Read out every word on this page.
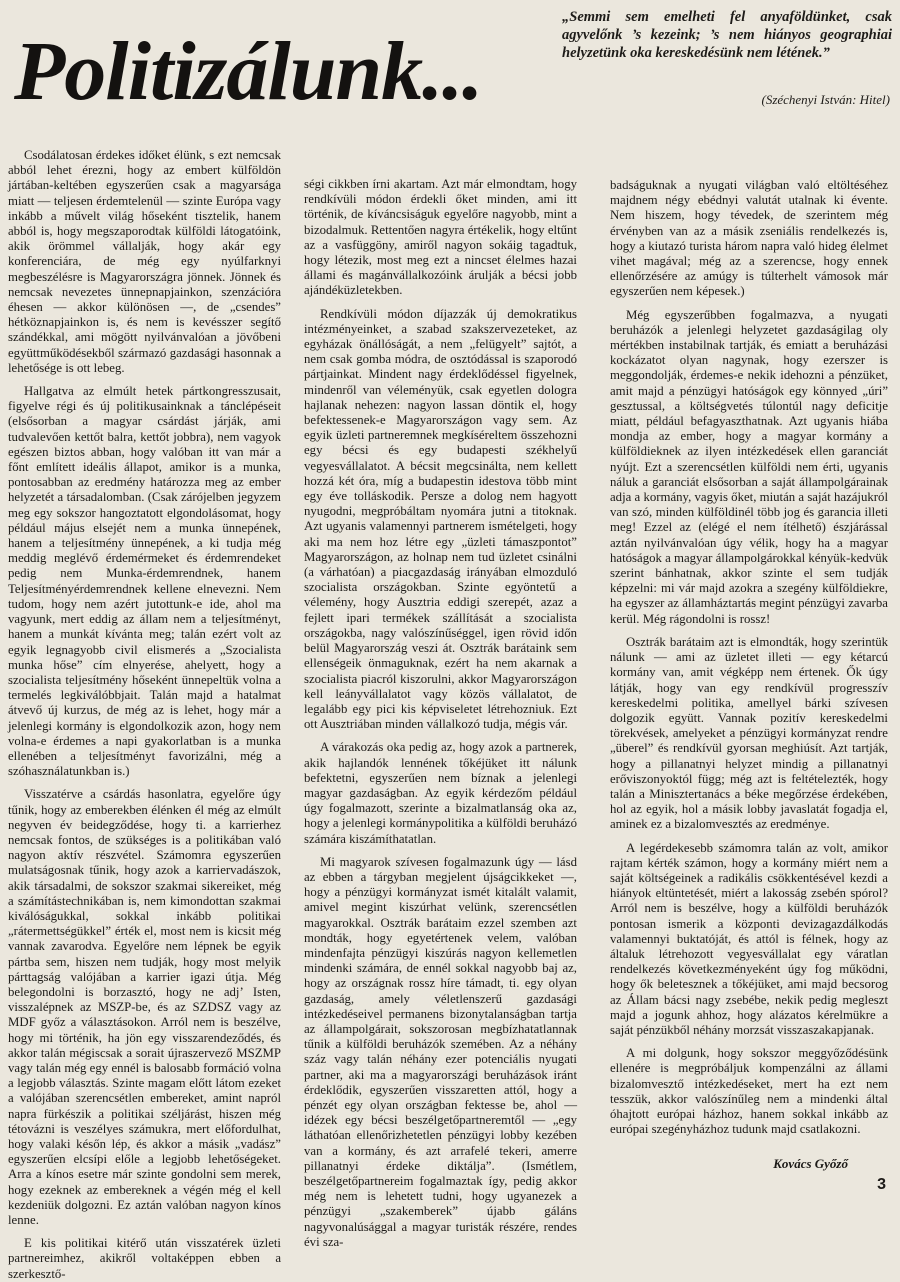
Politizálunk...

„Semmi sem emelheti fel anyaföldünket, csak agyvelőnk ’s kezeink; ’s nem hiányos geographiai helyzetünk oka kereskedésünk nem létének.”

(Széchenyi István: Hitel)

Csodálatosan érdekes időket élünk, s ezt nemcsak abból lehet érezni, hogy az embert külföldön jártában-keltében egyszerűen csak a magyarsága miatt — teljesen érdemtelenül — szinte Európa vagy inkább a művelt világ hőseként tisztelik, hanem abból is, hogy megszaporodtak külföldi látogatóink, akik örömmel vállalják, hogy akár egy konferenciára, de még egy nyúlfarknyi megbeszélésre is Magyarországra jönnek. Jönnek és nemcsak nevezetes ünnepnapjainkon, szenzációra éhesen — akkor különösen —, de „csendes” hétköznapjainkon is, és nem is kevésszer segítő szándékkal, ami mögött nyilvánvalóan a jövőbeni együttműködésekből származó gazdasági hasonnak a lehetősége is ott lebeg.

Hallgatva az elmúlt hetek pártkongresszusait, figyelve régi és új politikusainknak a tánclépéseit (elsősorban a magyar csárdást járják, ami tudvalevően kettőt balra, kettőt jobbra), nem vagyok egészen biztos abban, hogy valóban itt van már a főnt említett ideális állapot, amikor is a munka, pontosabban az eredmény határozza meg az ember helyzetét a társadalomban. (Csak zárójelben jegyzem meg egy sokszor hangoztatott elgondolásomat, hogy például május elsejét nem a munka ünnepének, hanem a teljesítmény ünnepének, a ki tudja még meddig meglévő érdemérmeket és érdemrendeket pedig nem Munka-érdemrendnek, hanem Teljesítményérdemrendnek kellene elneveznі. Nem tudom, hogy nem azért jutottunk-e ide, ahol ma vagyunk, mert eddig az állam nem a teljesítményt, hanem a munkát kívánta meg; talán ezért volt az egyik legnagyobb civil elismerés a „Szocialista munka hőse” cím elnyerése, ahelyett, hogy a szocialista teljesítmény hőseként ünnepeltük volna a termelés legkiválóbbjait. Talán majd a hatalmat átvevő új kurzus, de még az is lehet, hogy már a jelenlegi kormány is elgondolkozik azon, hogy nem volna-e érdemes a napi gyakorlatban is a munka ellenében a teljesítményt favorizálni, még a szóhasználatunkban is.)

Visszatérve a csárdás hasonlatra, egyelőre úgy tűnik, hogy az emberekben élénken él még az elmúlt negyven év beidegződése, hogy ti. a karrierhez nemcsak fontos, de szükséges is a politikában való nagyon aktív részvétel. Számomra egyszerűen mulatságosnak tűnik, hogy azok a karriervadászok, akik társadalmi, de sokszor szakmai sikereiket, még a számítástechnikában is, nem kimondottan szakmai kiválóságukkal, sokkal inkább politikai „rátermettségükkel” érték el, most nem is kicsit még vannak zavarodva. Egyelőre nem lépnek be egyik pártba sem, hiszen nem tudják, hogy most melyik párttagság valójában a karrier igazi útja. Még belegondolni is borzasztó, hogy ne adj’ Isten, visszalépnek az MSZP-be, és az SZDSZ vagy az MDF győz a választásokon. Arról nem is beszélve, hogy mi történik, ha jön egy visszarendeződés, és akkor talán mégiscsak a sorait újraszervező MSZMP vagy talán még egy ennél is balosabb formáció volna a legjobb választás. Szinte magam előtt látom ezeket a valójában szerencsétlen embereket, amint napról napra fürkészik a politikai széljárást, hiszen még tétovázni is veszélyes számukra, mert előfordulhat, hogy valaki későn lép, és akkor a másik „vadász” egyszerűen elcsípi előle a legjobb lehetőségeket. Arra a kínos esetre már szinte gondolni sem merek, hogy ezeknek az embereknek a végén még el kell kezdeniük dolgozni. Ez aztán valóban nagyon kínos lenne.

E kis politikai kitérő után visszatérek üzleti partnereimhez, akikről voltaképpen ebben a szerkesztő-

ségi cikkben írni akartam. Azt már elmondtam, hogy rendkívüli módon érdekli őket minden, ami itt történik, de kíváncsiságuk egyelőre nagyobb, mint a bizodalmuk. Rettentően nagyra értékelik, hogy eltűnt az a vasfüggöny, amiről nagyon sokáig tagadtuk, hogy létezik, most meg ezt a nincset élelmes hazai állami és magánvállalkozóink árulják a bécsi jobb ajándéküzletekben.

Rendkívüli módon díjazzák új demokratikus intézményeinket, a szabad szakszervezeteket, az egyházak önállóságát, a nem „felügyelt” sajtót, a nem csak gomba módra, de osztódással is szaporodó pártjainkat. Mindent nagy érdeklődéssel figyelnek, mindenről van véleményük, csak egyetlen dologra hajlanak nehezen: nagyon lassan döntik el, hogy befektessenek-e Magyarországon vagy sem. Az egyik üzleti partneremnek megkíséreltem összehozni egy bécsi és egy budapesti székhelyű vegyesvállalatot. A bécsit megcsinálta, nem kellett hozzá két óra, míg a budapestin idestova több mint egy éve tolláskodik. Persze a dolog nem hagyott nyugodni, megpróbáltam nyomára jutni a titoknak. Azt ugyanis valamennyi partnerem ismételgeti, hogy aki ma nem hoz létre egy „üzleti támaszpontot” Magyarországon, az holnap nem tud üzletet csinálni (a várhatóan) a piacgazdaság irányában elmozduló szocialista országokban. Szinte egyöntetű a vélemény, hogy Ausztria eddigi szerepét, azaz a fejlett ipari termékek szállítását a szocialista országokba, nagy valószínűséggel, igen rövid időn belül Magyarország veszi át. Osztrák barátaink sem ellenségeik önmaguknak, ezért ha nem akarnak a szocialista piacról kiszorulni, akkor Magyarországon kell leányvállalatot vagy közös vállalatot, de legalább egy pici kis képviseletet létrehozniuk. Ezt ott Ausztriában minden vállalkozó tudja, mégis vár.

A várakozás oka pedig az, hogy azok a partnerek, akik hajlandók lennének tőkéjüket itt nálunk befektetni, egyszerűen nem bíznak a jelenlegi magyar gazdaságban. Az egyik kérdezőm például úgy fogalmazott, szerinte a bizalmatlanság oka az, hogy a jelenlegi kormánypolitika a külföldi beruházó számára kiszámíthatatlan.

Mi magyarok szívesen fogalmazunk úgy — lásd az ebben a tárgyban megjelent újságcikkeket —, hogy a pénzügyi kormányzat ismét kitalált valamit, amivel megint kiszúrhat velünk, szerencsétlen magyarokkal. Osztrák barátaim ezzel szemben azt mondták, hogy egyetértenek velem, valóban mindenfajta pénzügyi kiszúrás nagyon kellemetlen mindenki számára, de ennél sokkal nagyobb baj az, hogy az országnak rossz híre támadt, ti. egy olyan gazdaság, amely véletlenszerű gazdasági intézkedéseivel permanens bizonytalanságban tartja az állampolgárait, sokszorosan megbízhatatlannak tűnik a külföldi beruházók szemében. Az a néhány száz vagy talán néhány ezer potenciális nyugati partner, aki ma a magyarországi beruházások iránt érdeklődik, egyszerűen visszaretten attól, hogy a pénzét egy olyan országban fektesse be, ahol — idézek egy bécsi beszélgetőpartneremtől — „egy láthatóan ellenőrizhetetlen pénzügyi lobby kezében van a kormány, és azt arrafelé tekeri, amerre pillanatnyi érdeke diktálja”. (Ismétlem, beszélgetőpartnereim fogalmaztak így, pedig akkor még nem is lehetett tudni, hogy ugyanezek a pénzügyi „szakemberek” újabb gáláns nagyvonalúsággal a magyar turisták részére, rendes évi sza-

badságuknak a nyugati világban való eltöltéséhez majdnem négy ebédnyi valutát utalnak ki évente. Nem hiszem, hogy tévedek, de szerintem még érvényben van az a másik zseniális rendelkezés is, hogy a kiutazó turista három napra való hideg élelmet vihet magával; még az a szerencse, hogy ennek ellenőrzésére az amúgy is túlterhelt vámosok már egyszerűen nem képesek.)

Még egyszerűbben fogalmazva, a nyugati beruházók a jelenlegi helyzetet gazdaságilag oly mértékben instabilnak tartják, és emiatt a beruházási kockázatot olyan nagynak, hogy ezerszer is meggondolják, érdemes-e nekik idehozni a pénzüket, amit majd a pénzügyi hatóságok egy könnyed „úri” gesztussal, a költségvetés túlontúl nagy deficitje miatt, például befagyaszthatnak. Azt ugyanis hiába mondja az ember, hogy a magyar kormány a külföldieknek az ilyen intézkedések ellen garanciát nyújt. Ezt a szerencsétlen külföldi nem érti, ugyanis náluk a garanciát elsősorban a saját állampolgárainak adja a kormány, vagyis őket, miután a saját hazájukról van szó, minden külföldinél több jog és garancia illeti meg! Ezzel az (elégé el nem ítélhető) észjárással aztán nyilvánvalóan úgy vélik, hogy ha a magyar hatóságok a magyar állampolgárokkal kényük-kedvük szerint bánhatnak, akkor szinte el sem tudják képzelni: mi vár majd azokra a szegény külföldiekre, ha egyszer az államháztartás megint pénzügyi zavarba kerül. Még rágondolni is rossz!

Osztrák barátaim azt is elmondták, hogy szerintük nálunk — ami az üzletet illeti — egy kétarcú kormány van, amit végképp nem értenek. Ők úgy látják, hogy van egy rendkívül progresszív kereskedelmi politika, amellyel bárki szívesen dolgozik együtt. Vannak pozitív kereskedelmi törekvések, amelyeket a pénzügyi kormányzat rendre „überel” és rendkívül gyorsan meghiúsít. Azt tartják, hogy a pillanatnyi helyzet mindig a pillanatnyi erőviszonyoktól függ; még azt is feltételezték, hogy talán a Minisztertanács a béke megőrzése érdekében, hol az egyik, hol a másik lobby javaslatát fogadja el, aminek ez a bizalomvesztés az eredménye.

A legérdekesebb számomra talán az volt, amikor rajtam kérték számon, hogy a kormány miért nem a saját költségeinek a radikális csökkentésével kezdi a hiányok eltüntetését, miért a lakosság zsebén spórol? Arról nem is beszélve, hogy a külföldi beruházók pontosan ismerik a központi devizagazdálkodás valamennyi buktatóját, és attól is félnek, hogy az általuk létrehozott vegyesvállalat egy váratlan rendelkezés következményeként úgy fog működni, hogy ők beletesznek a tőkéjüket, ami majd becsorog az Állam bácsi nagy zsebébe, nekik pedig megleszt majd a jogunk ahhoz, hogy alázatos kérelmükre a saját pénzükből néhány morzsát visszaszakapjanak.

A mi dolgunk, hogy sokszor meggyőződésünk ellenére is megpróbáljuk kompenzálni az állami bizalomvesztő intézkedéseket, mert ha ezt nem tesszük, akkor valószínűleg nem a mindenki által óhajtott európai házhoz, hanem sokkal inkább az európai szegényházhoz tudunk majd csatlakozni.

Kovács Győző

3
